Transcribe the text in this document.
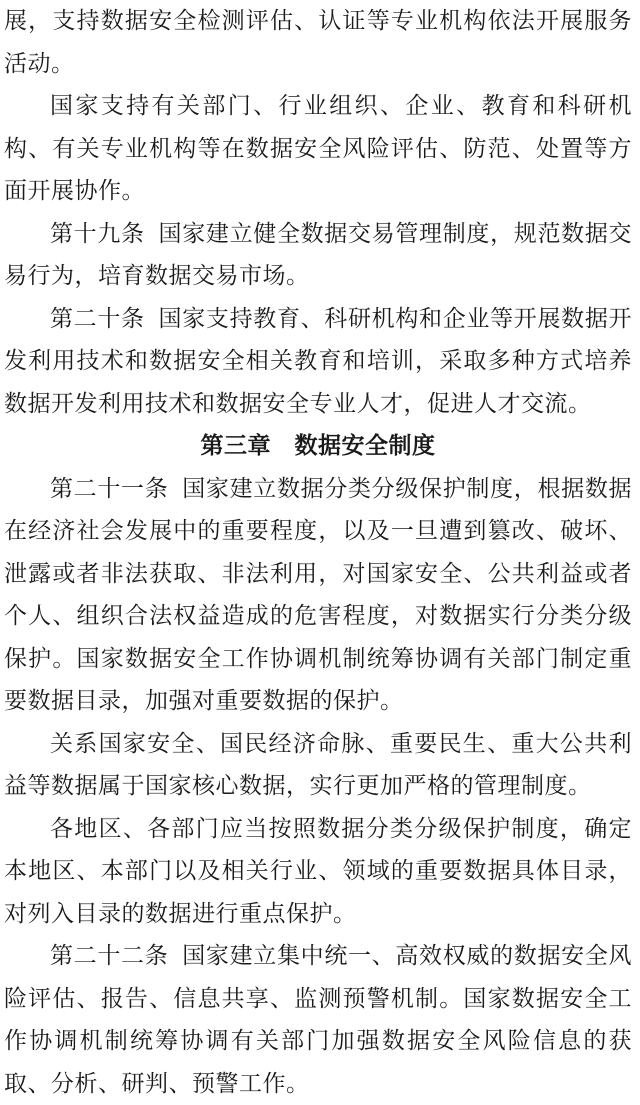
展，支持数据安全检测评估、认证等专业机构依法开展服务活动。

国家支持有关部门、行业组织、企业、教育和科研机构、有关专业机构等在数据安全风险评估、防范、处置等方面开展协作。

第十九条 国家建立健全数据交易管理制度，规范数据交易行为，培育数据交易市场。

第二十条 国家支持教育、科研机构和企业等开展数据开发利用技术和数据安全相关教育和培训，采取多种方式培养数据开发利用技术和数据安全专业人才，促进人才交流。

第三章　数据安全制度

第二十一条 国家建立数据分类分级保护制度，根据数据在经济社会发展中的重要程度，以及一旦遭到篡改、破坏、泄露或者非法获取、非法利用，对国家安全、公共利益或者个人、组织合法权益造成的危害程度，对数据实行分类分级保护。国家数据安全工作协调机制统筹协调有关部门制定重要数据目录，加强对重要数据的保护。

关系国家安全、国民经济命脉、重要民生、重大公共利益等数据属于国家核心数据，实行更加严格的管理制度。

各地区、各部门应当按照数据分类分级保护制度，确定本地区、本部门以及相关行业、领域的重要数据具体目录，对列入目录的数据进行重点保护。

第二十二条 国家建立集中统一、高效权威的数据安全风险评估、报告、信息共享、监测预警机制。国家数据安全工作协调机制统筹协调有关部门加强数据安全风险信息的获取、分析、研判、预警工作。
